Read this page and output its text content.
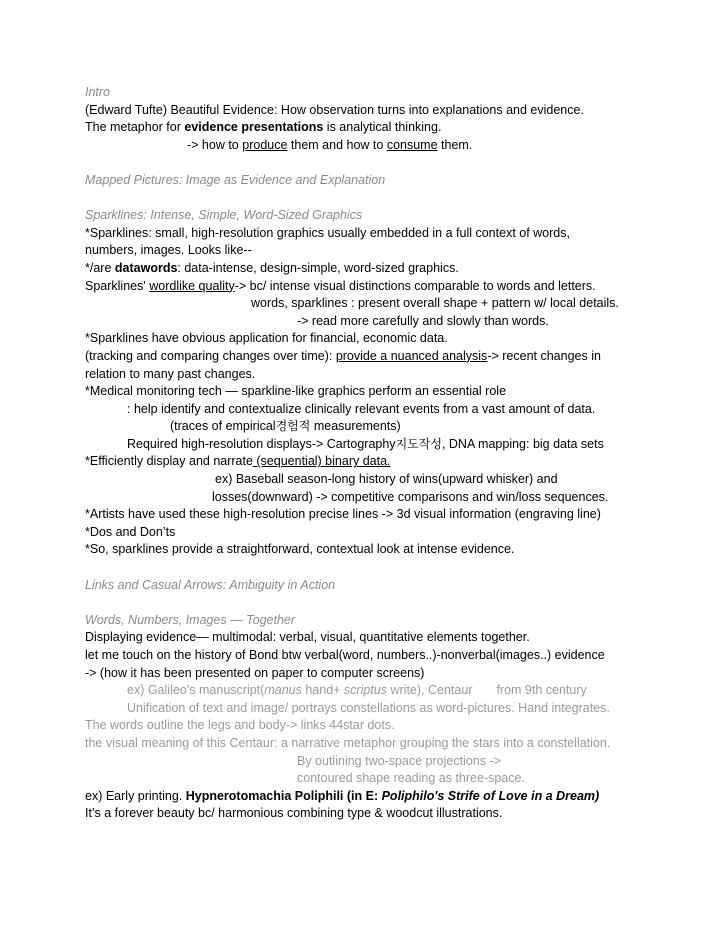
Intro
(Edward Tufte) Beautiful Evidence: How observation turns into explanations and evidence.
The metaphor for evidence presentations is analytical thinking.
-> how to produce them and how to consume them.
Mapped Pictures: Image as Evidence and Explanation
Sparklines: Intense, Simple, Word-Sized Graphics
*Sparklines: small, high-resolution graphics usually embedded in a full context of words,
numbers, images. Looks like--
*/are datawords: data-intense, design-simple, word-sized graphics.
Sparklines' wordlike quality-> bc/ intense visual distinctions comparable to words and letters.
words, sparklines : present overall shape + pattern w/ local details.
-> read more carefully and slowly than words.
*Sparklines have obvious application for financial, economic data.
(tracking and comparing changes over time): provide a nuanced analysis-> recent changes in
relation to many past changes.
*Medical monitoring tech — sparkline-like graphics perform an essential role
: help identify and contextualize clinically relevant events from a vast amount of data.
(traces of empirical경험적 measurements)
Required high-resolution displays-> Cartography지도작성, DNA mapping: big data sets
*Efficiently display and narrate (sequential) binary data.
ex) Baseball season-long history of wins(upward whisker) and
losses(downward) -> competitive comparisons and win/loss sequences.
*Artists have used these high-resolution precise lines -> 3d visual information (engraving line)
*Dos and Don’ts
*So, sparklines provide a straightforward, contextual look at intense evidence.
Links and Casual Arrows: Ambiguity in Action
Words, Numbers, Images — Together
Displaying evidence— multimodal: verbal, visual, quantitative elements together.
let me touch on the history of Bond btw verbal(word, numbers..)-nonverbal(images..) evidence
-> (how it has been presented on paper to computer screens)
ex) Galileo’s manuscript(manus hand+ scriptus write), Centaur from 9th century
Unification of text and image/ portrays constellations as word-pictures. Hand integrates.
The words outline the legs and body-> links 44star dots.
the visual meaning of this Centaur: a narrative metaphor grouping the stars into a constellation.
By outlining two-space projections ->
contoured shape reading as three-space.
ex) Early printing. Hypnerotomachia Poliphili (in E: Poliphilo's Strife of Love in a Dream)
It’s a forever beauty bc/ harmonious combining type & woodcut illustrations.
